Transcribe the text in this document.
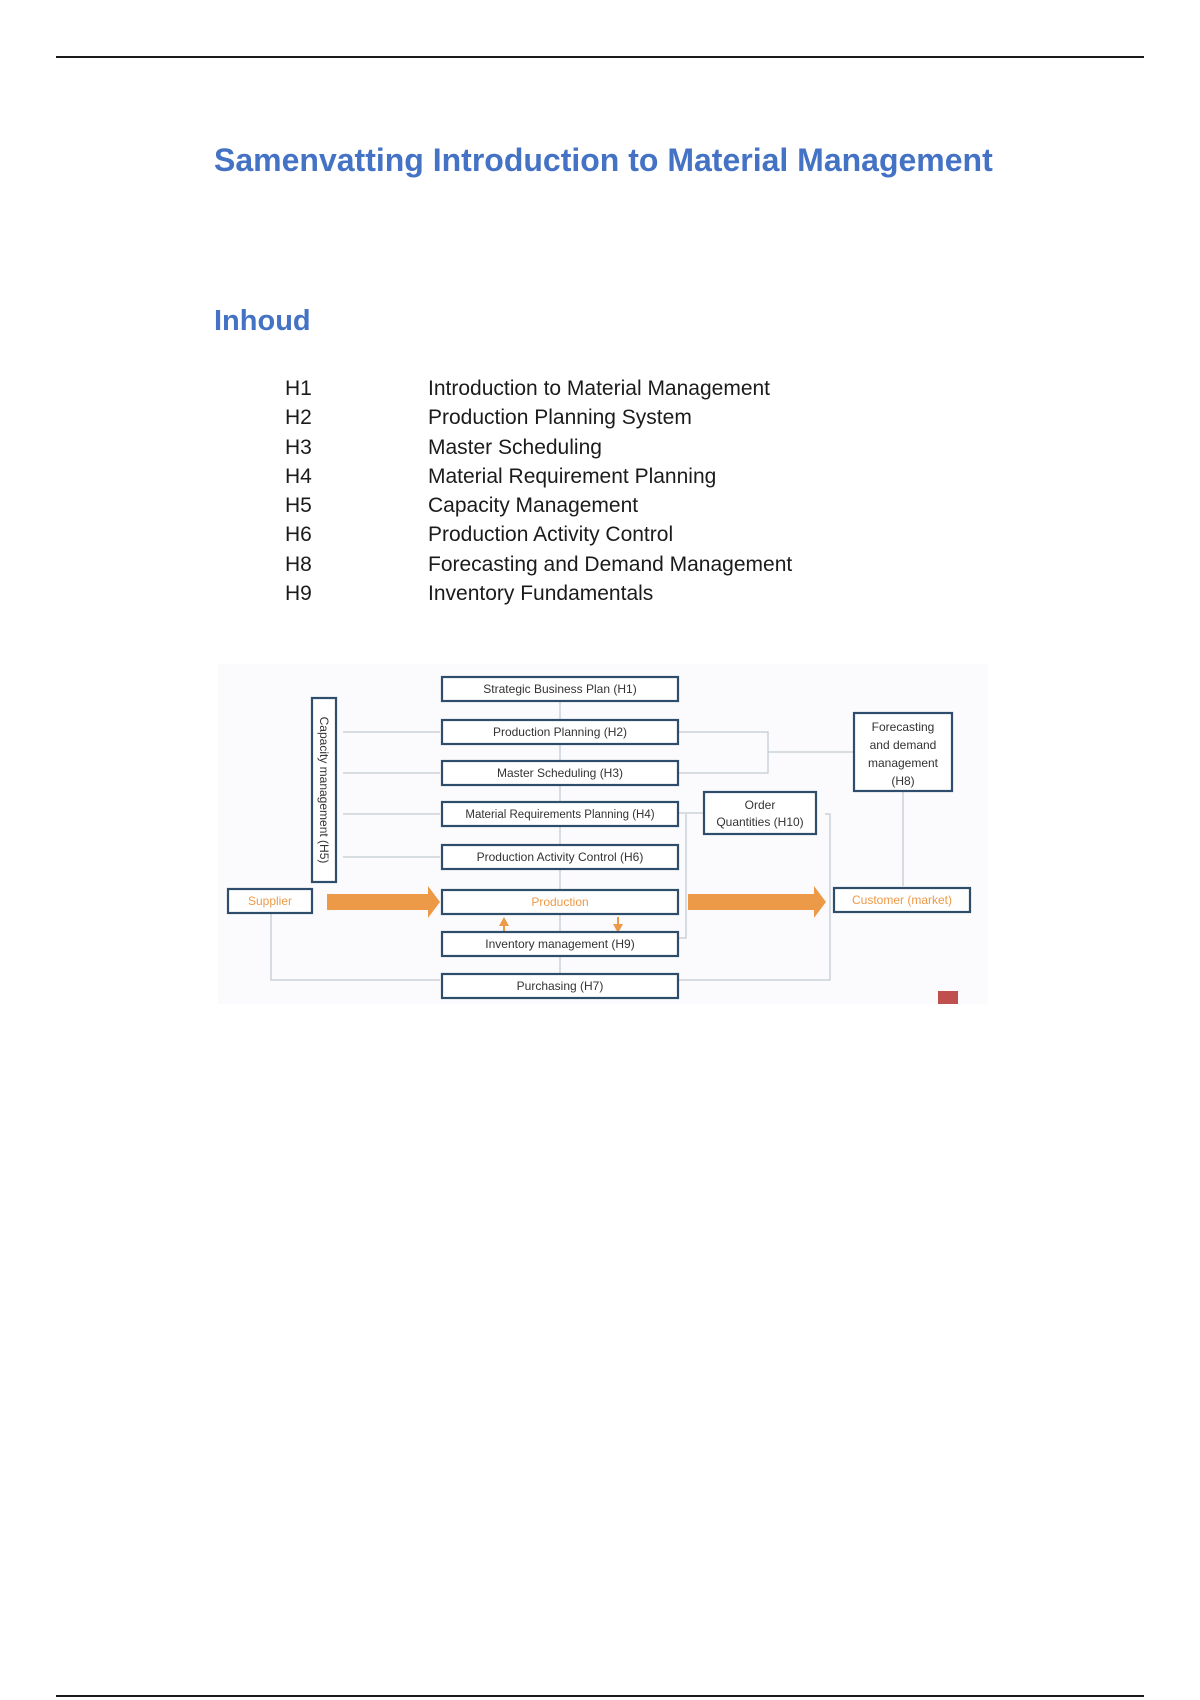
Samenvatting Introduction to Material Management
Inhoud
H1	Introduction to Material Management
H2	Production Planning System
H3	Master Scheduling
H4	Material Requirement Planning
H5	Capacity Management
H6	Production Activity Control
H8	Forecasting and Demand Management
H9	Inventory Fundamentals
Strategic Business Plan (H1)
Production Planning (H2)
Master Scheduling (H3)
Material Requirements Planning (H4)
Production Activity Control (H6)
Production
Inventory management (H9)
Purchasing (H7)
Capacity management (H5)
Supplier	Customer (market)
Order
Quantities (H10)
Forecasting
and demand
management
(H8)
